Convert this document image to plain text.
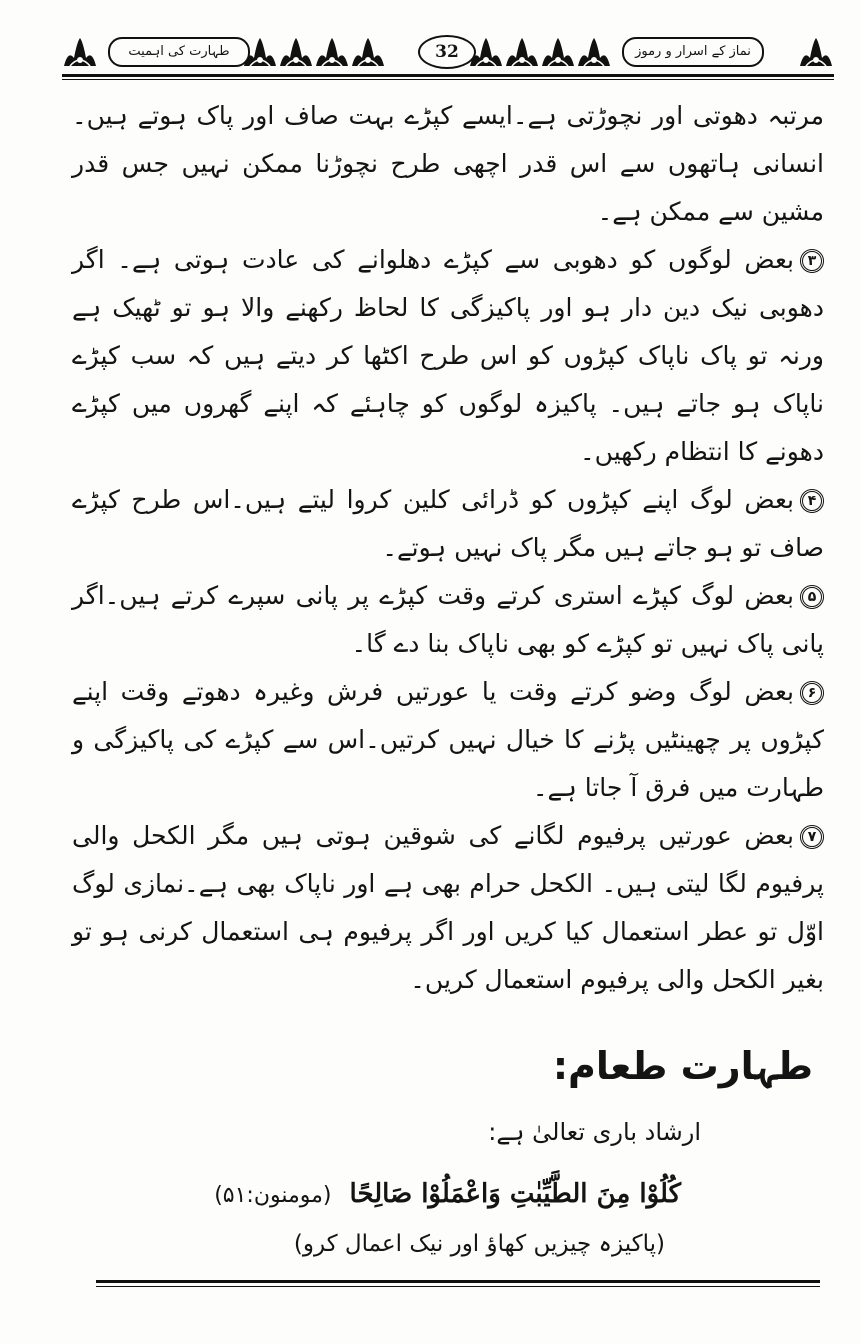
نماز کے اسرار و رموز
32
طہارت کی اہمیت

مرتبہ دھوتی اور نچوڑتی ہے۔ایسے کپڑے بہت صاف اور پاک ہوتے ہیں۔انسانی ہاتھوں سے اس قدر اچھی طرح نچوڑنا ممکن نہیں جس قدر مشین سے ممکن ہے۔

۳بعض لوگوں کو دھوبی سے کپڑے دھلوانے کی عادت ہوتی ہے۔ اگر دھوبی نیک دین دار ہو اور پاکیزگی کا لحاظ رکھنے والا ہو تو ٹھیک ہے ورنہ تو پاک ناپاک کپڑوں کو اس طرح اکٹھا کر دیتے ہیں کہ سب کپڑے ناپاک ہو جاتے ہیں۔ پاکیزہ لوگوں کو چاہئے کہ اپنے گھروں میں کپڑے دھونے کا انتظام رکھیں۔

۴بعض لوگ اپنے کپڑوں کو ڈرائی کلین کروا لیتے ہیں۔اس طرح کپڑے صاف تو ہو جاتے ہیں مگر پاک نہیں ہوتے۔

۵بعض لوگ کپڑے استری کرتے وقت کپڑے پر پانی سپرے کرتے ہیں۔اگر پانی پاک نہیں تو کپڑے کو بھی ناپاک بنا دے گا۔

۶بعض لوگ وضو کرتے وقت یا عورتیں فرش وغیرہ دھوتے وقت اپنے کپڑوں پر چھینٹیں پڑنے کا خیال نہیں کرتیں۔اس سے کپڑے کی پاکیزگی و طہارت میں فرق آ جاتا ہے۔

۷بعض عورتیں پرفیوم لگانے کی شوقین ہوتی ہیں مگر الکحل والی پرفیوم لگا لیتی ہیں۔ الکحل حرام بھی ہے اور ناپاک بھی ہے۔نمازی لوگ اوّل تو عطر استعمال کیا کریں اور اگر پرفیوم ہی استعمال کرنی ہو تو بغیر الکحل والی پرفیوم استعمال کریں۔

طہارت طعام:
ارشاد باری تعالیٰ ہے:
كُلُوْا مِنَ الطَّيِّبٰتِ وَاعْمَلُوْا صَالِحًا(مومنون:۵۱)
(پاکیزہ چیزیں کھاؤ اور نیک اعمال کرو)
